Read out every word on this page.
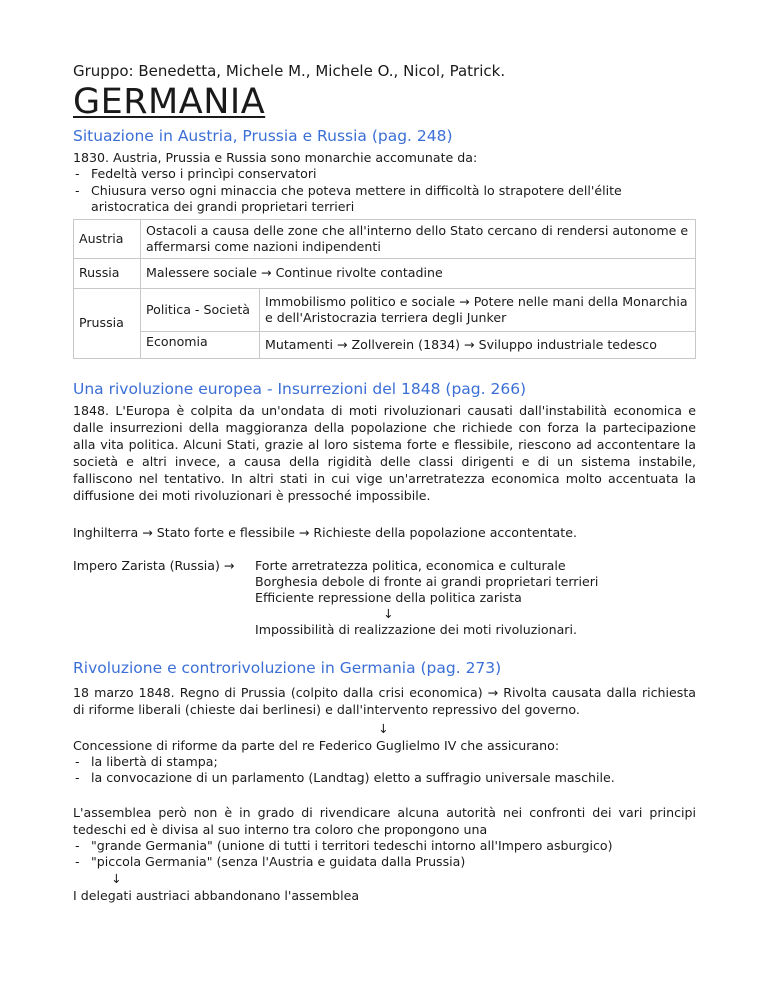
Gruppo: Benedetta, Michele M., Michele O., Nicol, Patrick.
GERMANIA
Situazione in Austria, Prussia e Russia (pag. 248)
1830. Austria, Prussia e Russia sono monarchie accomunate da:
- Fedeltà verso i princìpi conservatori
- Chiusura verso ogni minaccia che poteva mettere in difficoltà lo strapotere dell'élite aristocratica dei grandi proprietari terrieri
Austria	Ostacoli a causa delle zone che all'interno dello Stato cercano di rendersi autonome e affermarsi come nazioni indipendenti	
Russia	Malessere sociale → Continue rivolte contadine	
Prussia	Politica - Società	Immobilismo politico e sociale → Potere nelle mani della Monarchia e dell'Aristocrazia terriera degli Junker
	Economia	Mutamenti → Zollverein (1834) → Sviluppo industriale tedesco
Una rivoluzione europea - Insurrezioni del 1848 (pag. 266)
1848. L'Europa è colpita da un'ondata di moti rivoluzionari causati dall'instabilità economica e dalle insurrezioni della maggioranza della popolazione che richiede con forza la partecipazione alla vita politica. Alcuni Stati, grazie al loro sistema forte e flessibile, riescono ad accontentare la società e altri invece, a causa della rigidità delle classi dirigenti e di un sistema instabile, falliscono nel tentativo. In altri stati in cui vige un'arretratezza economica molto accentuata la diffusione dei moti rivoluzionari è pressoché impossibile.
Inghilterra → Stato forte e flessibile → Richieste della popolazione accontentate.
Impero Zarista (Russia) → Forte arretratezza politica, economica e culturale
Borghesia debole di fronte ai grandi proprietari terrieri
Efficiente repressione della politica zarista
↓
Impossibilità di realizzazione dei moti rivoluzionari.
Rivoluzione e controrivoluzione in Germania (pag. 273)
18 marzo 1848. Regno di Prussia (colpito dalla crisi economica) → Rivolta causata dalla richiesta di riforme liberali (chieste dai berlinesi) e dall'intervento repressivo del governo.
↓
Concessione di riforme da parte del re Federico Guglielmo IV che assicurano:
- la libertà di stampa;
- la convocazione di un parlamento (Landtag) eletto a suffragio universale maschile.
L'assemblea però non è in grado di rivendicare alcuna autorità nei confronti dei vari principi tedeschi ed è divisa al suo interno tra coloro che propongono una
- "grande Germania" (unione di tutti i territori tedeschi intorno all'Impero asburgico)
- "piccola Germania" (senza l'Austria e guidata dalla Prussia)
↓
I delegati austriaci abbandonano l'assemblea
